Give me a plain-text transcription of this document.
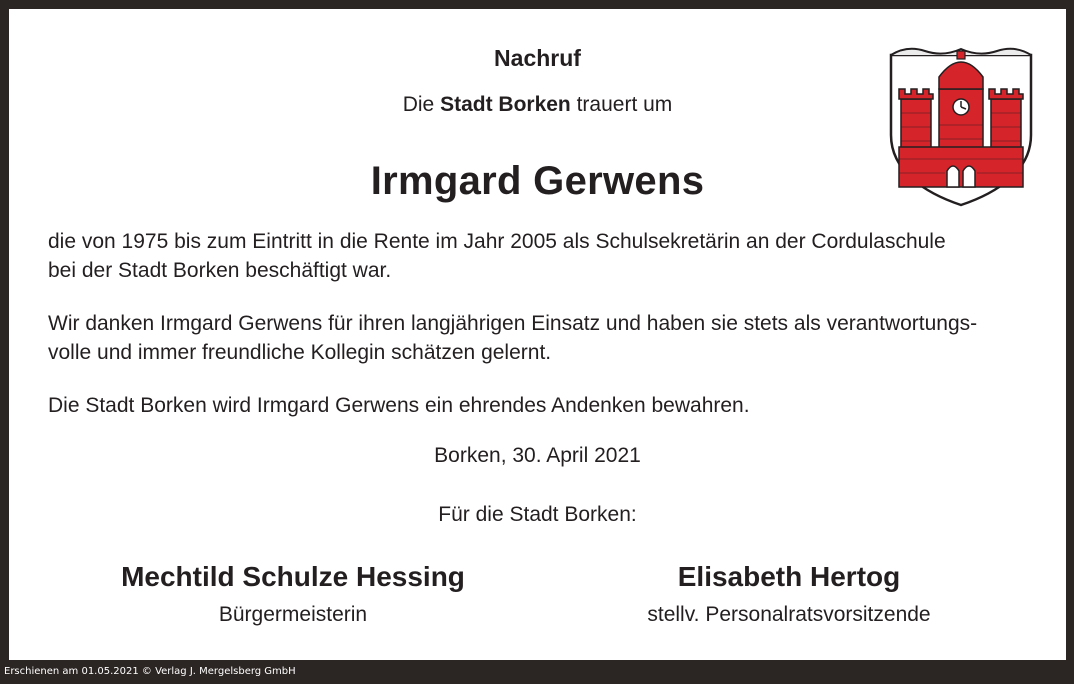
Nachruf
Die Stadt Borken trauert um
Irmgard Gerwens

die von 1975 bis zum Eintritt in die Rente im Jahr 2005 als Schulsekretärin an der Cordulaschule
bei der Stadt Borken beschäftigt war.

Wir danken Irmgard Gerwens für ihren langjährigen Einsatz und haben sie stets als verantwortungs-
volle und immer freundliche Kollegin schätzen gelernt.

Die Stadt Borken wird Irmgard Gerwens ein ehrendes Andenken bewahren.

Borken, 30. April 2021
Für die Stadt Borken:
Mechtild Schulze Hessing
Bürgermeisterin
Elisabeth Hertog
stellv. Personalratsvorsitzende
Erschienen am 01.05.2021 © Verlag J. Mergelsberg GmbH
